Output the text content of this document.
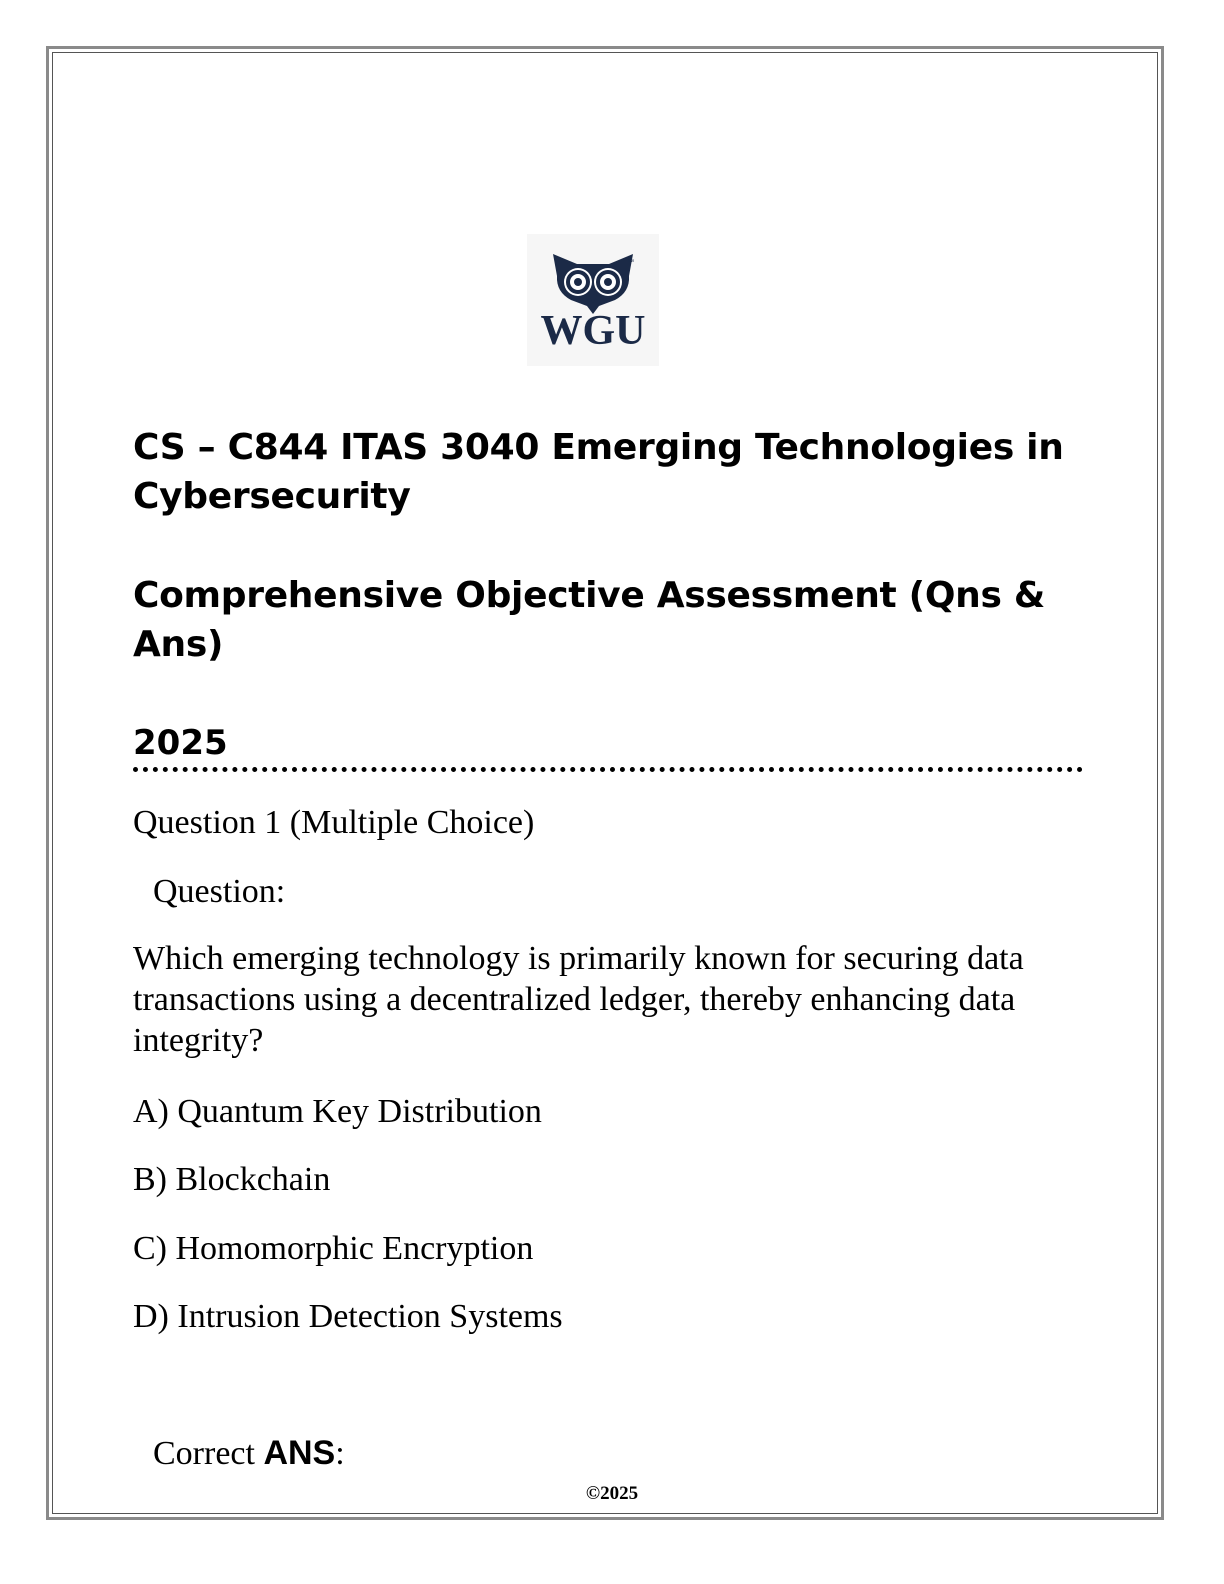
™
WGU
CS – C844 ITAS 3040 Emerging Technologies in Cybersecurity
Comprehensive Objective Assessment (Qns & Ans)
2025
Question 1 (Multiple Choice)
Question:

Which emerging technology is primarily known for securing data transactions using a decentralized ledger, thereby enhancing data integrity?

A) Quantum Key Distribution
B) Blockchain
C) Homomorphic Encryption
D) Intrusion Detection Systems
Correct ANS:
©2025
